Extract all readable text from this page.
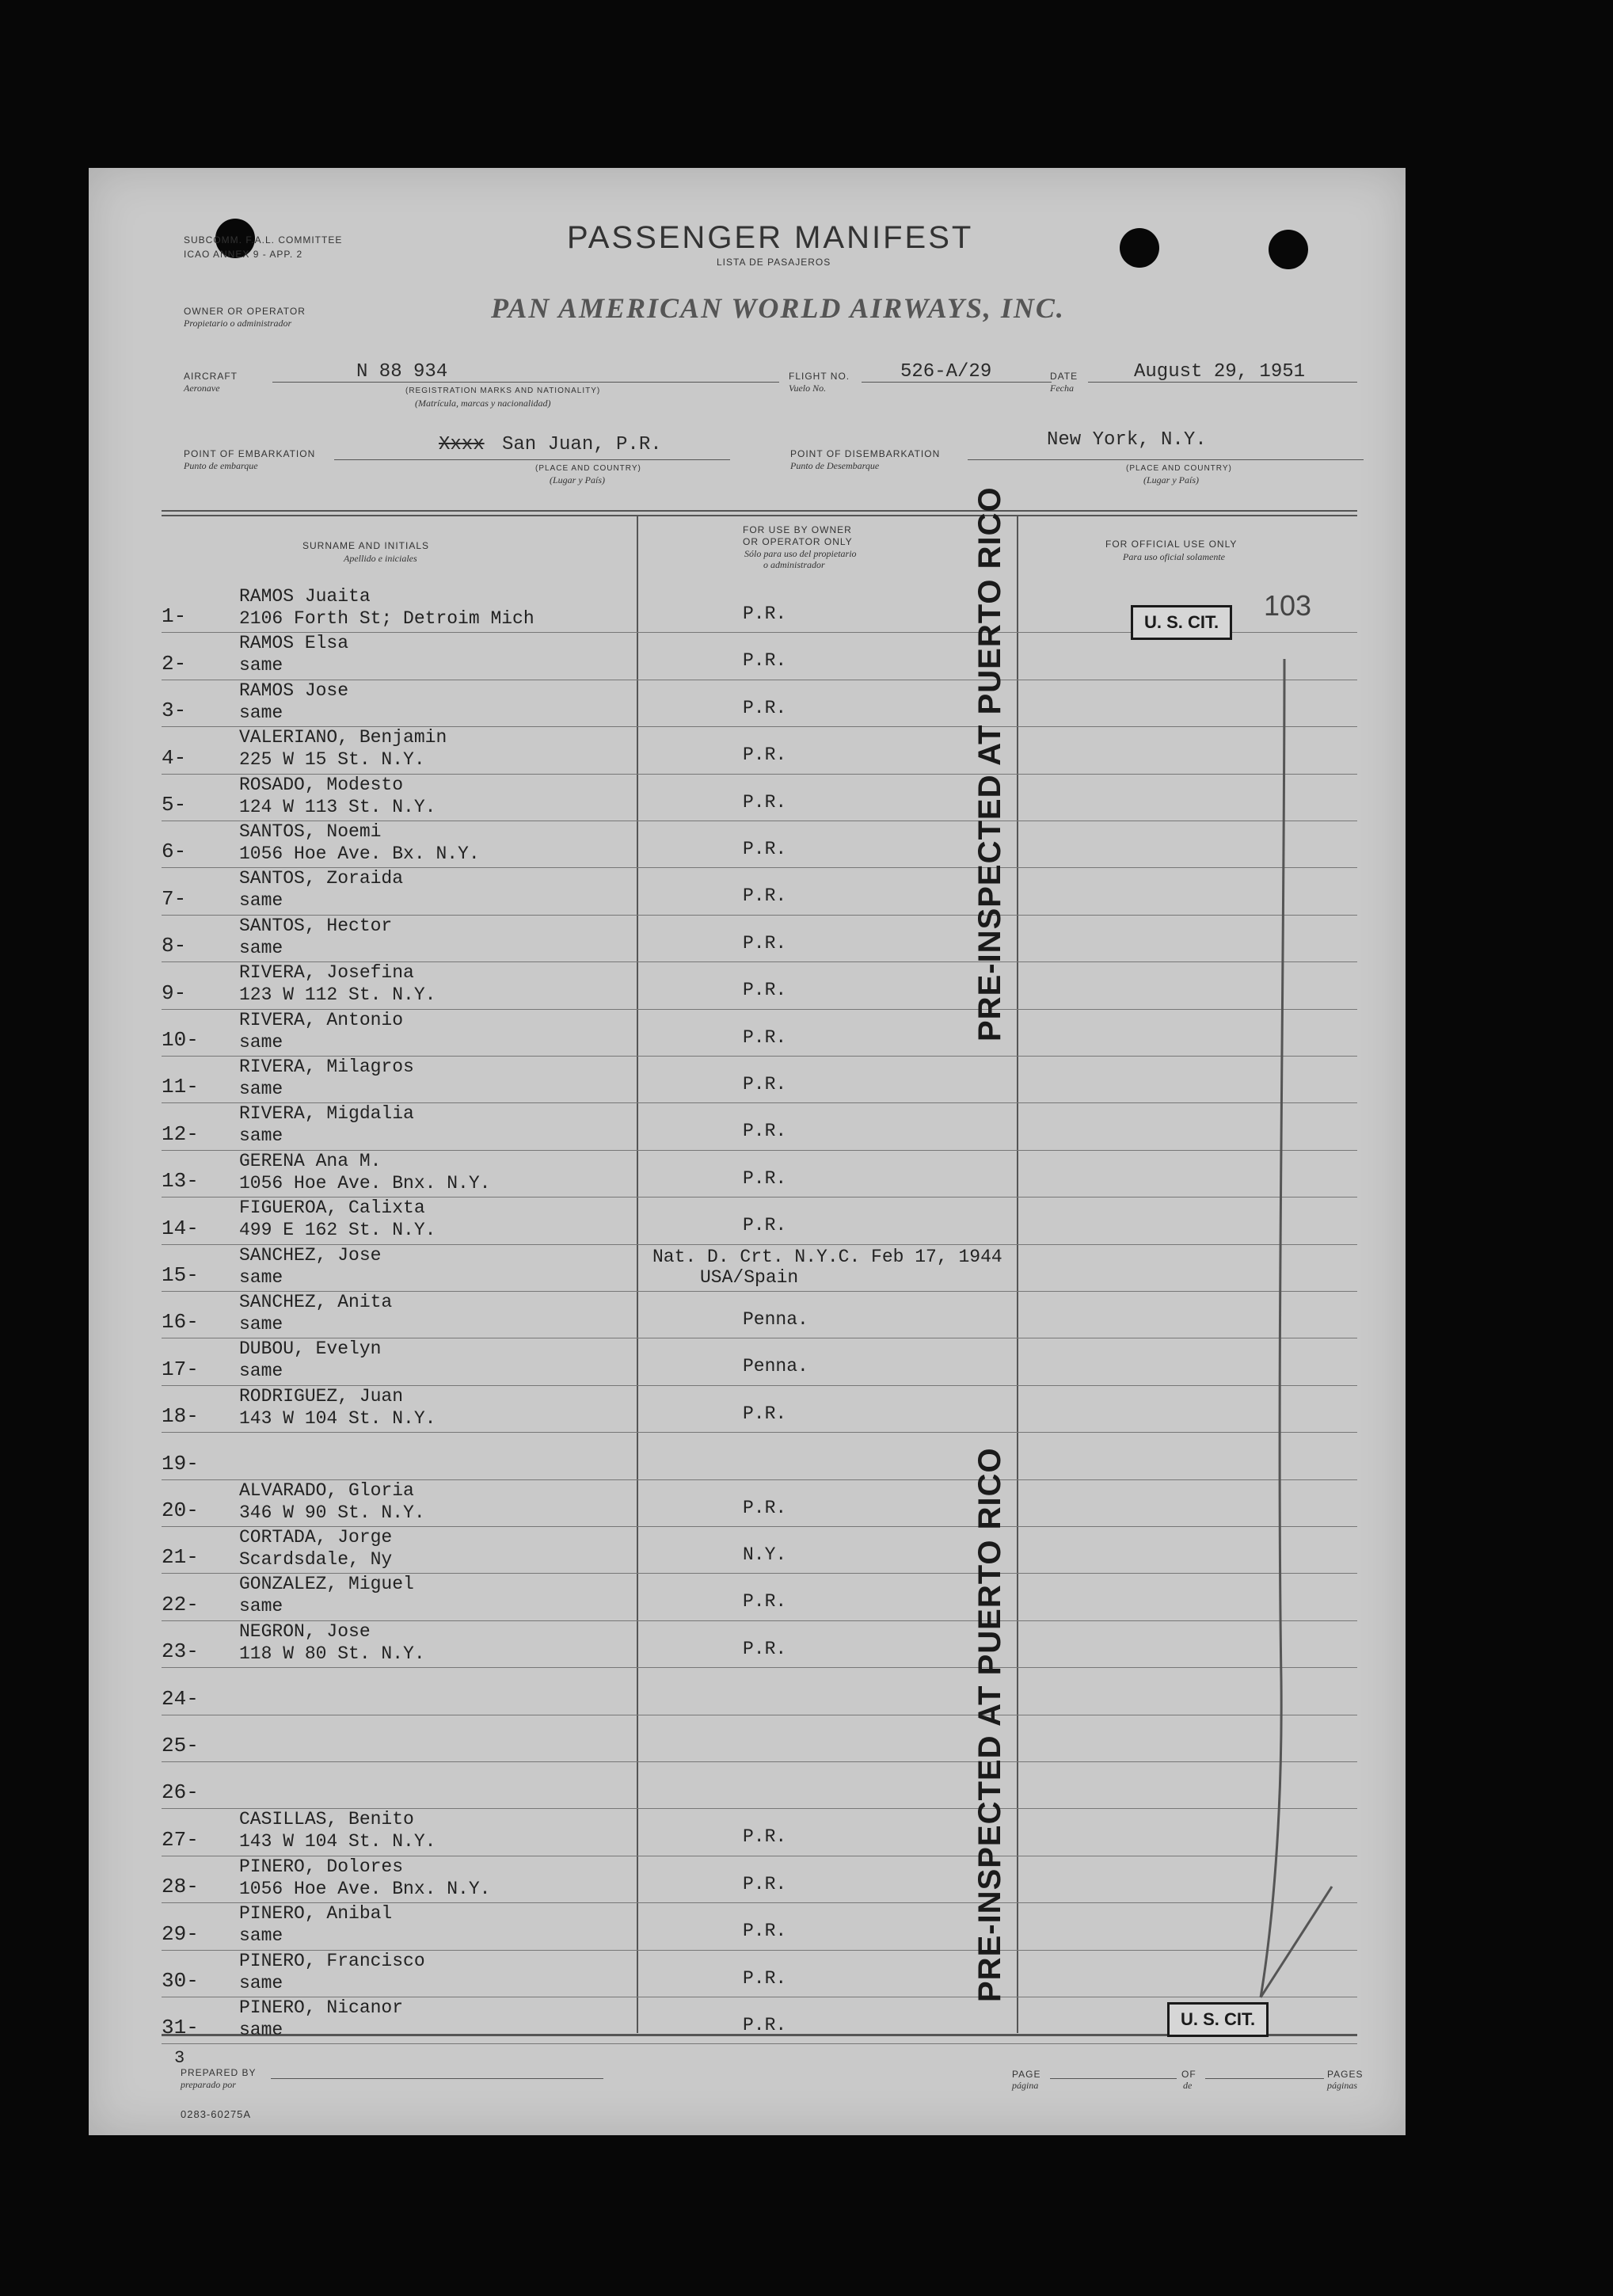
SUBCOMM. F.A.L. COMMITTEE
ICAO ANNEX 9 - APP. 2	PASSENGER MANIFEST
LISTA DE PASAJEROS
OWNER OR OPERATOR
Propietario o administrador	PAN AMERICAN WORLD AIRWAYS, INC.
AIRCRAFT
Aeronave
N 88 934
(REGISTRATION MARKS AND NATIONALITY)
(Matrícula, marcas y nacionalidad)
FLIGHT NO.
Vuelo No.
526-A/29	DATE
Fecha
August 29, 1951
POINT OF EMBARKATION
Punto de embarque
Xxxx San Juan, P.R.
(PLACE AND COUNTRY)
(Lugar y País)
POINT OF DISEMBARKATION
Punto de Desembarque
New York, N.Y.
(PLACE AND COUNTRY)
(Lugar y País)
SURNAME AND INITIALS
Apellido e iniciales
FOR USE BY OWNER
OR OPERATOR ONLY
Sólo para uso del propietario
o administrador
FOR OFFICIAL USE ONLY
Para uso oficial solamente
1-
RAMOS Juaita
2106 Forth St; Detroim Mich	P.R.
2-
RAMOS Elsa
same	P.R.
3-
RAMOS Jose
same	P.R.
4-
VALERIANO, Benjamin
225 W 15 St. N.Y.	P.R.
5-
ROSADO, Modesto
124 W 113 St. N.Y.	P.R.
6-
SANTOS, Noemi
1056 Hoe Ave. Bx. N.Y.	P.R.
7-
SANTOS, Zoraida
same	P.R.
8-
SANTOS, Hector
same	P.R.
9-
RIVERA, Josefina
123 W 112 St. N.Y.	P.R.
10-
RIVERA, Antonio
same	P.R.
11-
RIVERA, Milagros
same	P.R.
12-
RIVERA, Migdalia
same	P.R.
13-
GERENA Ana M.
1056 Hoe Ave. Bnx. N.Y.	P.R.
14-
FIGUEROA, Calixta
499 E 162 St. N.Y.	P.R.
15-
SANCHEZ, Jose
same
Nat. D. Crt. N.Y.C. Feb 17, 1944
USA/Spain
16-
SANCHEZ, Anita
same	Penna.
17-
DUBOU, Evelyn
same	Penna.
18-
RODRIGUEZ, Juan
143 W 104 St. N.Y.	P.R.
19-
20-
ALVARADO, Gloria
346 W 90 St. N.Y.	P.R.
21-
CORTADA, Jorge
Scardsdale, Ny	N.Y.
22-
GONZALEZ, Miguel
same	P.R.
23-
NEGRON, Jose
118 W 80 St. N.Y.	P.R.
24-
25-
26-
27-
CASILLAS, Benito
143 W 104 St. N.Y.	P.R.
28-
PINERO, Dolores
1056 Hoe Ave. Bnx. N.Y.	P.R.
29-
PINERO, Anibal
same	P.R.
30-
PINERO, Francisco
same	P.R.
31-
PINERO, Nicanor
same	P.R.
103
U. S. CIT.
U. S. CIT.
PRE-INSPECTED AT PUERTO RICO
PRE-INSPECTED AT PUERTO RICO
3
PREPARED BY
preparado por
PAGE
página
OF
de
PAGES
páginas
0283-60275A
